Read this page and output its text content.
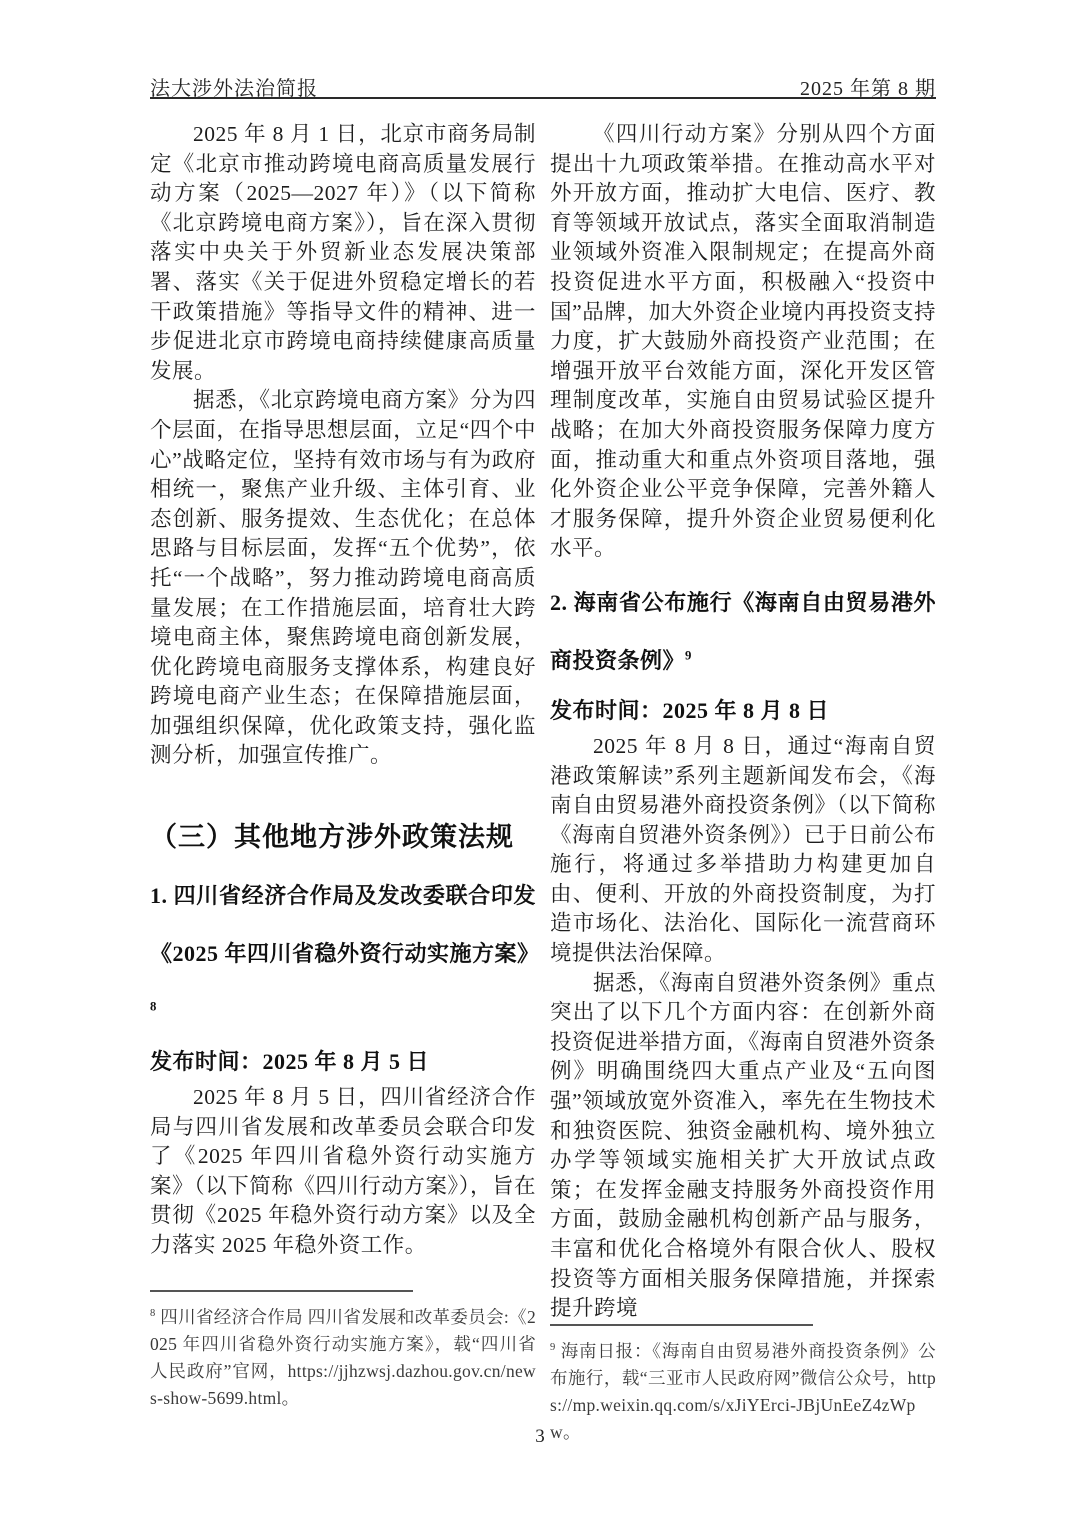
法大涉外法治简报	2025 年第 8 期

2025 年 8 月 1 日，北京市商务局制定《北京市推动跨境电商高质量发展行动方案（2025—2027 年）》（以下简称《北京跨境电商方案》），旨在深入贯彻落实中央关于外贸新业态发展决策部署、落实《关于促进外贸稳定增长的若干政策措施》等指导文件的精神、进一步促进北京市跨境电商持续健康高质量发展。

据悉，《北京跨境电商方案》分为四个层面，在指导思想层面，立足“四个中心”战略定位，坚持有效市场与有为政府相统一，聚焦产业升级、主体引育、业态创新、服务提效、生态优化；在总体思路与目标层面，发挥“五个优势”，依托“一个战略”，努力推动跨境电商高质量发展；在工作措施层面，培育壮大跨境电商主体，聚焦跨境电商创新发展，优化跨境电商服务支撑体系，构建良好跨境电商产业生态；在保障措施层面，加强组织保障，优化政策支持，强化监测分析，加强宣传推广。

（三）其他地方涉外政策法规
1. 四川省经济合作局及发改委联合印发《2025 年四川省稳外资行动实施方案》$^8$

发布时间：2025 年 8 月 5 日

2025 年 8 月 5 日，四川省经济合作局与四川省发展和改革委员会联合印发了《2025 年四川省稳外资行动实施方案》（以下简称《四川行动方案》），旨在贯彻《2025 年稳外资行动方案》以及全力落实 2025 年稳外资工作。

$^8$ 四川省经济合作局 四川省发展和改革委员会:《2025 年四川省稳外资行动实施方案》，载“四川省人民政府”官网，https://jjhzwsj.dazhou.gov.cn/news-show-5699.html。

《四川行动方案》分别从四个方面提出十九项政策举措。在推动高水平对外开放方面，推动扩大电信、医疗、教育等领域开放试点，落实全面取消制造业领域外资准入限制规定；在提高外商投资促进水平方面，积极融入“投资中国”品牌，加大外资企业境内再投资支持力度，扩大鼓励外商投资产业范围；在增强开放平台效能方面，深化开发区管理制度改革，实施自由贸易试验区提升战略；在加大外商投资服务保障力度方面，推动重大和重点外资项目落地，强化外资企业公平竞争保障，完善外籍人才服务保障，提升外资企业贸易便利化水平。

2. 海南省公布施行《海南自由贸易港外商投资条例》$^9$

发布时间：2025 年 8 月 8 日

2025 年 8 月 8 日，通过“海南自贸港政策解读”系列主题新闻发布会，《海南自由贸易港外商投资条例》（以下简称《海南自贸港外资条例》）已于日前公布施行，将通过多举措助力构建更加自由、便利、开放的外商投资制度，为打造市场化、法治化、国际化一流营商环境提供法治保障。

据悉，《海南自贸港外资条例》重点突出了以下几个方面内容：在创新外商投资促进举措方面，《海南自贸港外资条例》明确围绕四大重点产业及“五向图强”领域放宽外资准入，率先在生物技术和独资医院、独资金融机构、境外独立办学等领域实施相关扩大开放试点政策；在发挥金融支持服务外商投资作用方面，鼓励金融机构创新产品与服务，丰富和优化合格境外有限合伙人、股权投资等方面相关服务保障措施，并探索提升跨境

$^9$ 海南日报：《海南自由贸易港外商投资条例》公布施行，载“三亚市人民政府网”微信公众号，https://mp.weixin.qq.com/s/xJiYErci-JBjUnEeZ4zWpw。

3
